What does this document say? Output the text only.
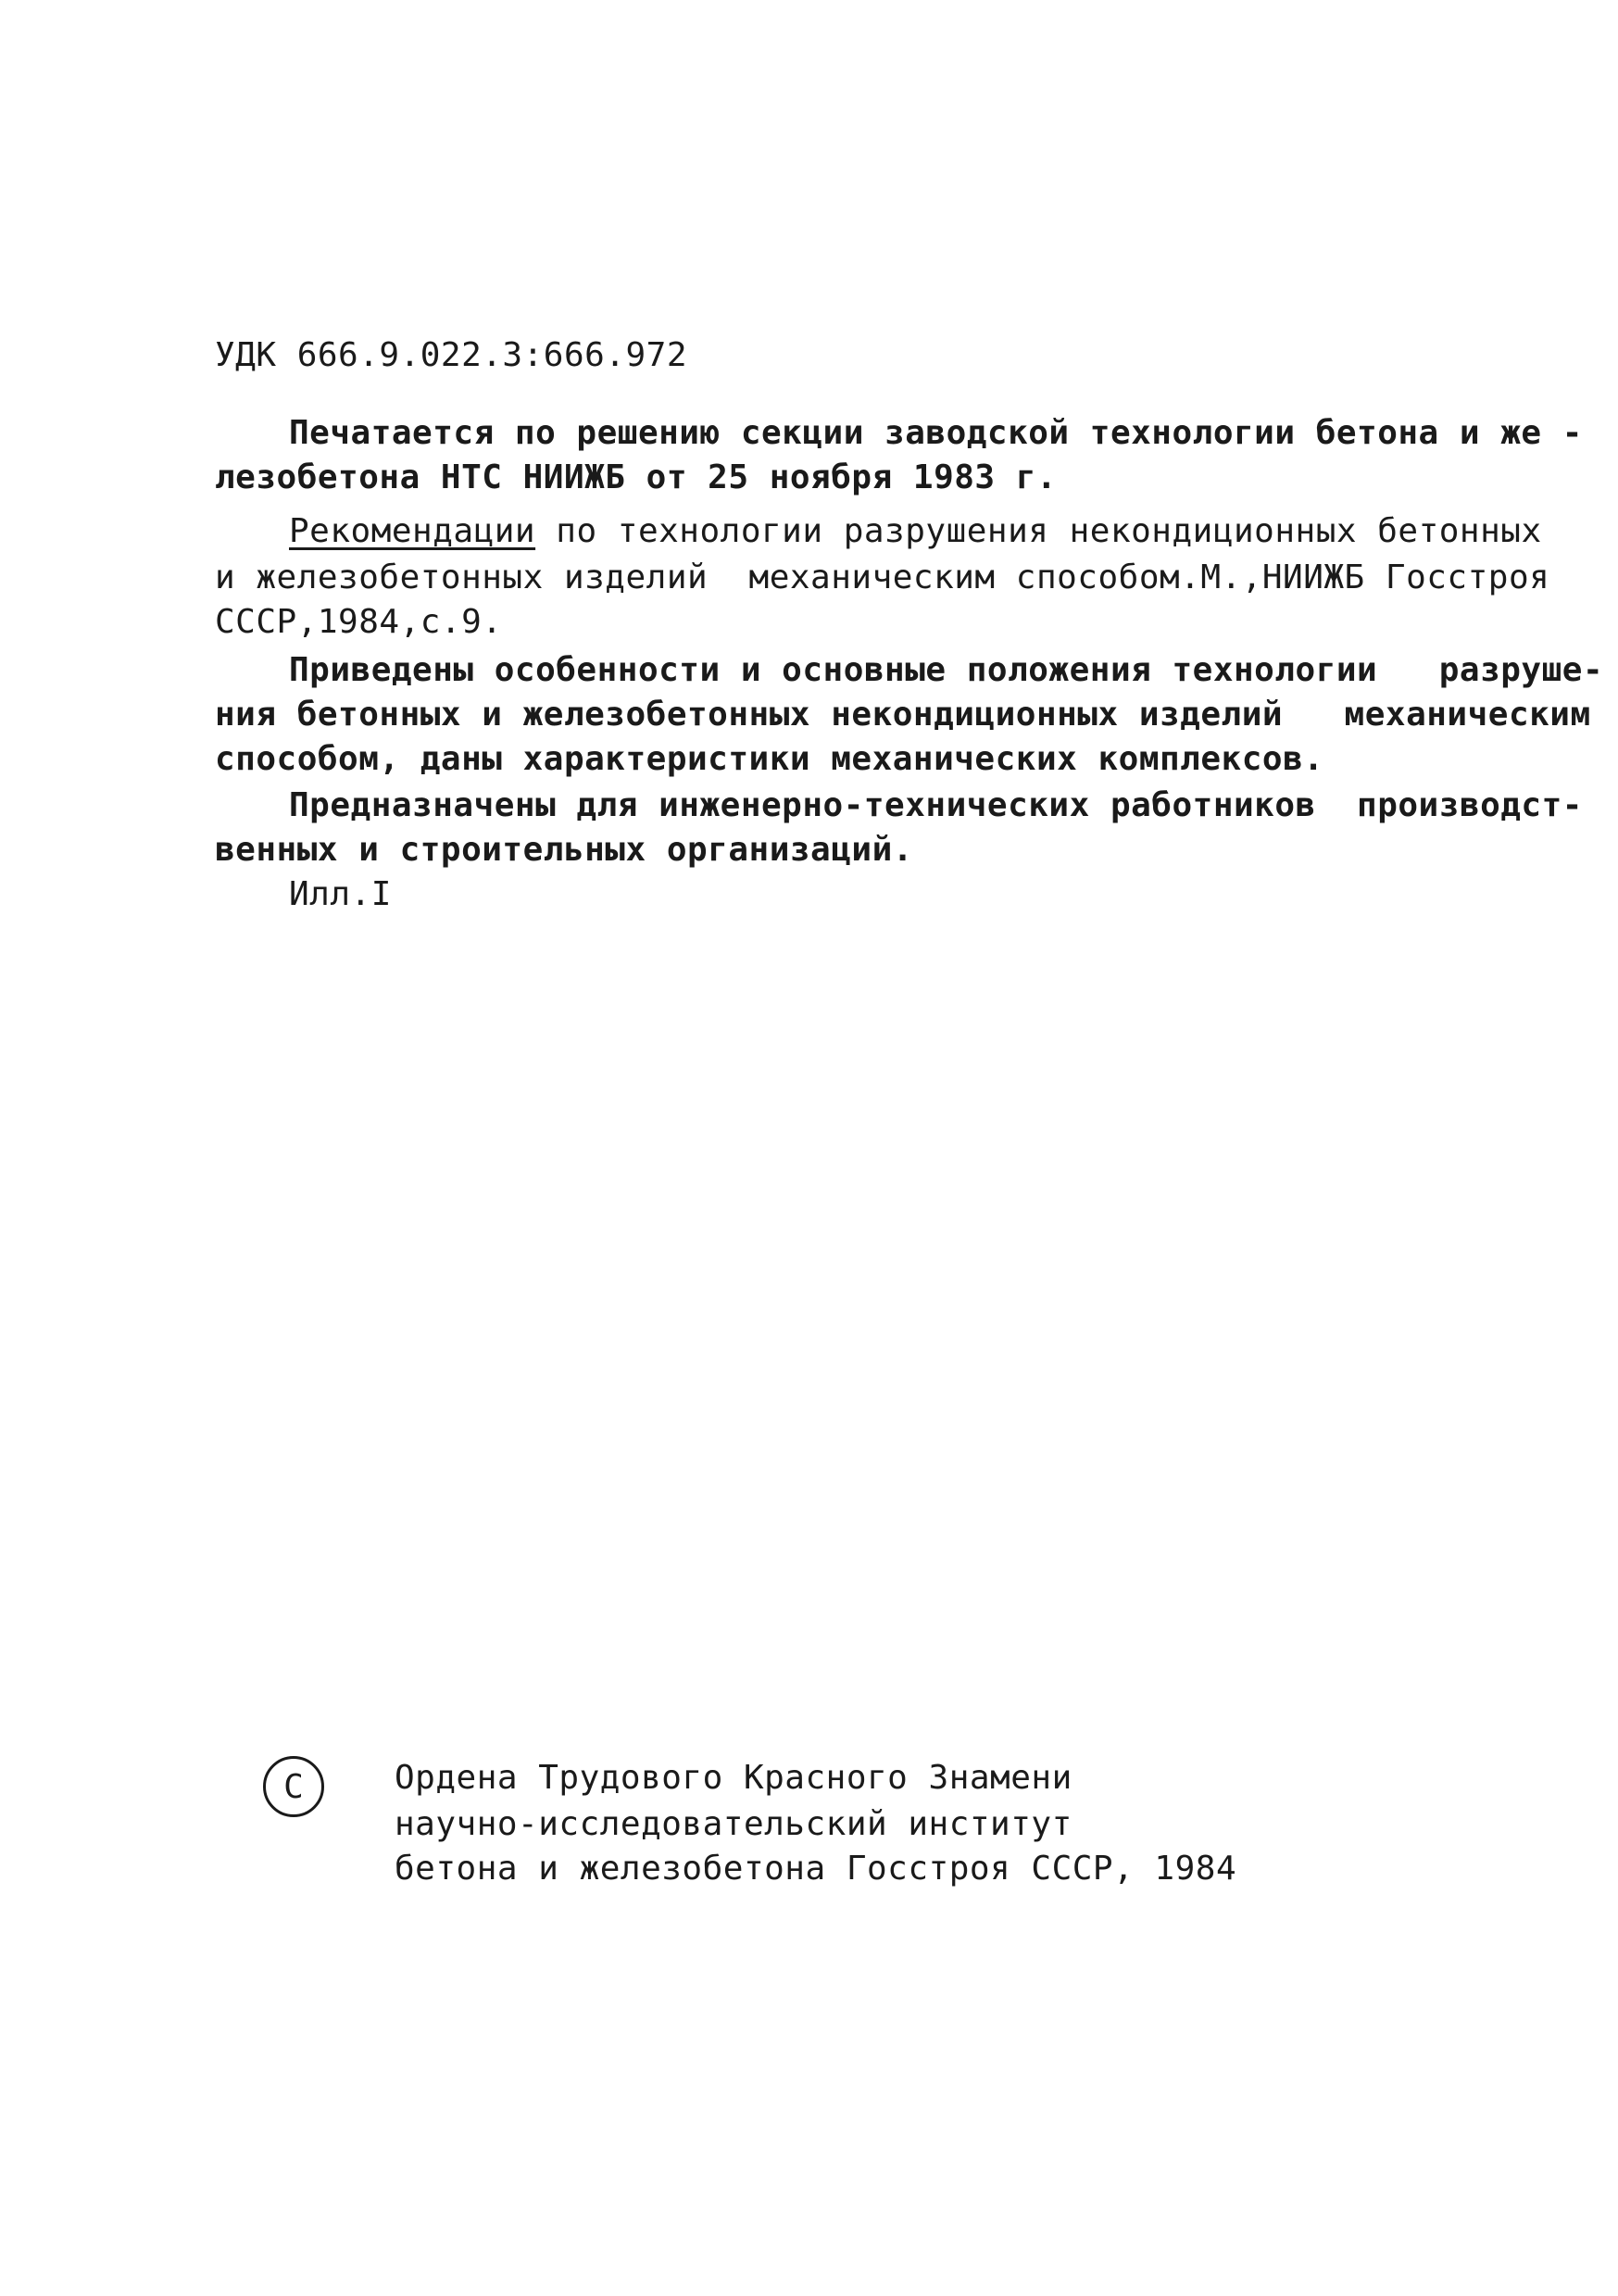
УДК 666.9.022.3:666.972
Печатается по решению секции заводской технологии бетона и же -
лезобетона НТС НИИЖБ от 25 ноября 1983 г.
Рекомендации по технологии разрушения некондиционных бетонных
и железобетонных изделий  механическим способом.М.,НИИЖБ Госстроя
СССР,1984,с.9.
Приведены особенности и основные положения технологии   разруше-
ния бетонных и железобетонных некондиционных изделий   механическим
способом, даны характеристики механических комплексов.
Предназначены для инженерно-технических работников  производст-
венных и строительных организаций.
Илл.I
C	Ордена Трудового Красного Знамени
научно-исследовательский институт
бетона и железобетона Госстроя СССР, 1984
